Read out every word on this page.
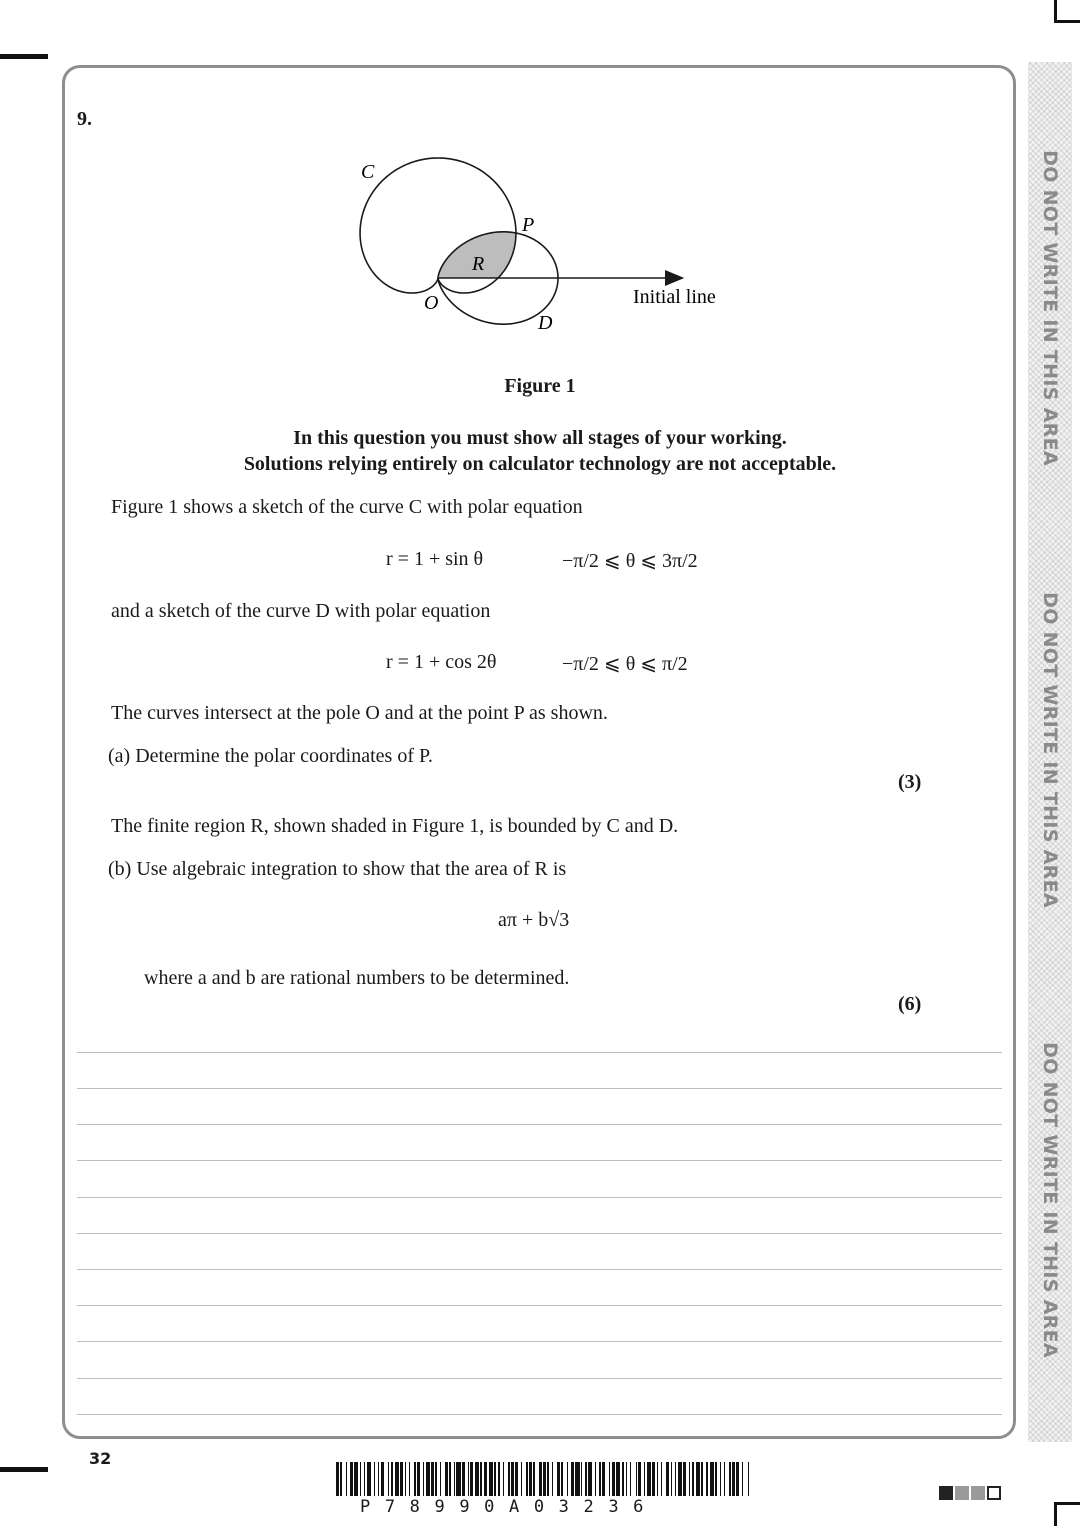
DO NOT WRITE IN THIS AREA
DO NOT WRITE IN THIS AREA
DO NOT WRITE IN THIS AREA
9.
C
P
R
O
D
Initial line
Figure 1
In this question you must show all stages of your working.
Solutions relying entirely on calculator technology are not acceptable.
Figure 1 shows a sketch of the curve C with polar equation
r = 1 + sin θ	−π/2 ⩽ θ ⩽ 3π/2
and a sketch of the curve D with polar equation
r = 1 + cos 2θ	−π/2 ⩽ θ ⩽ π/2
The curves intersect at the pole O and at the point P as shown.
(a) Determine the polar coordinates of P.
(3)
The finite region R, shown shaded in Figure 1, is bounded by C and D.
(b) Use algebraic integration to show that the area of R is
aπ + b√3
where a and b are rational numbers to be determined.
(6)
32
P78990A03236
